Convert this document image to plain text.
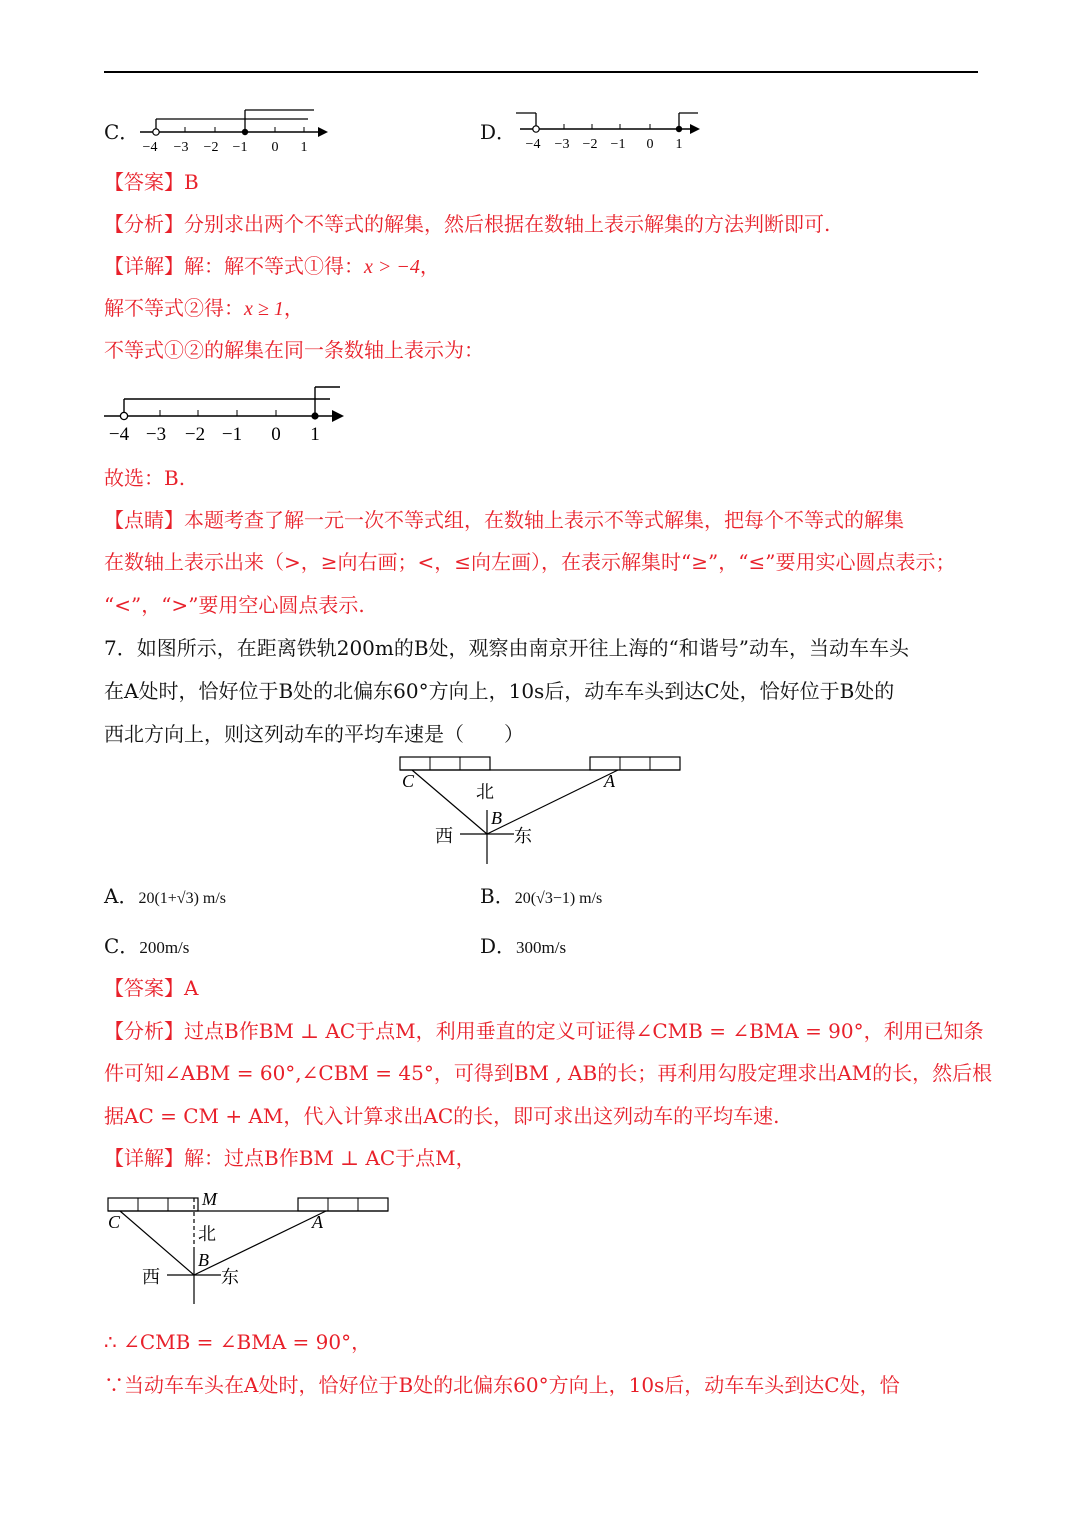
C．
−4 −3 −2 −1 0 1
D．
−4 −3 −2 −1 0 1
【答案】B
【分析】分别求出两个不等式的解集，然后根据在数轴上表示解集的方法判断即可.
【详解】解：解不等式①得：x > −4，
解不等式②得：x ≥ 1，
不等式①②的解集在同一条数轴上表示为：
−4 −3 −2 −1 0 1
故选：B.
【点睛】本题考查了解一元一次不等式组，在数轴上表示不等式解集，把每个不等式的解集
在数轴上表示出来（>，≥向右画；<，≤向左画），在表示解集时“≥”，“≤”要用实心圆点表示；
“<”，“>”要用空心圆点表示.
7．如图所示，在距离铁轨200m的B处，观察由南京开往上海的“和谐号”动车，当动车车头
在A处时，恰好位于B处的北偏东60°方向上，10s后，动车车头到达C处，恰好位于B处的
西北方向上，则这列动车的平均车速是（　　）
C	A
B
北
西	东
A．20(1+√3) m/s	B．20(√3−1) m/s
C．200m/s	D．300m/s
【答案】A
【分析】过点B作BM ⊥ AC于点M，利用垂直的定义可证得∠CMB = ∠BMA = 90°，利用已知条
件可知∠ABM = 60°,∠CBM = 45°，可得到BM , AB的长；再利用勾股定理求出AM的长，然后根
据AC = CM + AM，代入计算求出AC的长，即可求出这列动车的平均车速.
【详解】解：过点B作BM ⊥ AC于点M，
M
C	A
B
北
西	东
∴ ∠CMB = ∠BMA = 90°，
∵当动车车头在A处时，恰好位于B处的北偏东60°方向上，10s后，动车车头到达C处，恰
